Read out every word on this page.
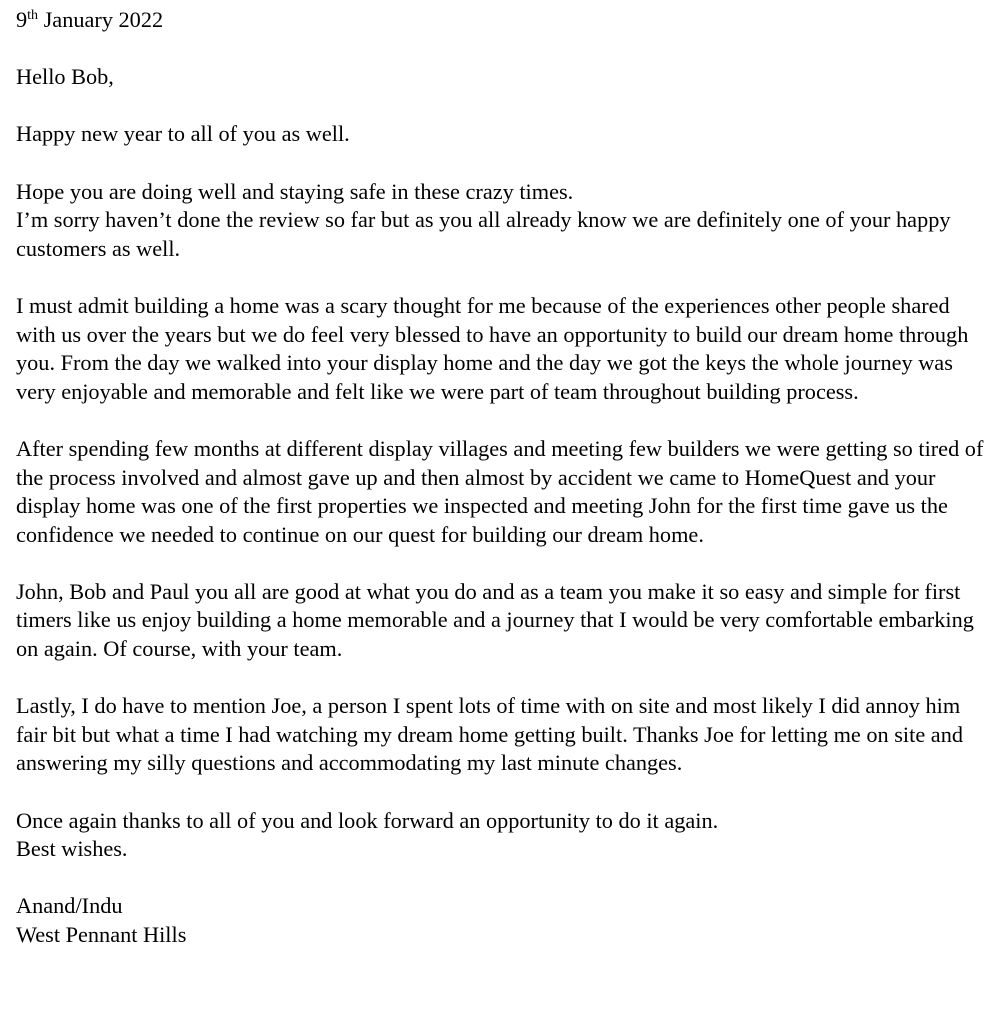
9th January 2022

Hello Bob,

Happy new year to all of you as well.

Hope you are doing well and staying safe in these crazy times.

I’m sorry haven’t done the review so far but as you all already know we are definitely one of your happy customers as well.

I must admit building a home was a scary thought for me because of the experiences other people shared with us over the years but we do feel very blessed to have an opportunity to build our dream home through you. From the day we walked into your display home and the day we got the keys the whole journey was very enjoyable and memorable and felt like we were part of team throughout building process.

After spending few months at different display villages and meeting few builders we were getting so tired of the process involved and almost gave up and then almost by accident we came to HomeQuest and your display home was one of the first properties we inspected and meeting John for the first time gave us the confidence we needed to continue on our quest for building our dream home.

John, Bob and Paul you all are good at what you do and as a team you make it so easy and simple for first timers like us enjoy building a home memorable and a journey that I would be very comfortable embarking on again. Of course, with your team.

Lastly, I do have to mention Joe, a person I spent lots of time with on site and most likely I did annoy him fair bit but what a time I had watching my dream home getting built. Thanks Joe for letting me on site and answering my silly questions and accommodating my last minute changes.

Once again thanks to all of you and look forward an opportunity to do it again.

Best wishes.

Anand/Indu

West Pennant Hills
